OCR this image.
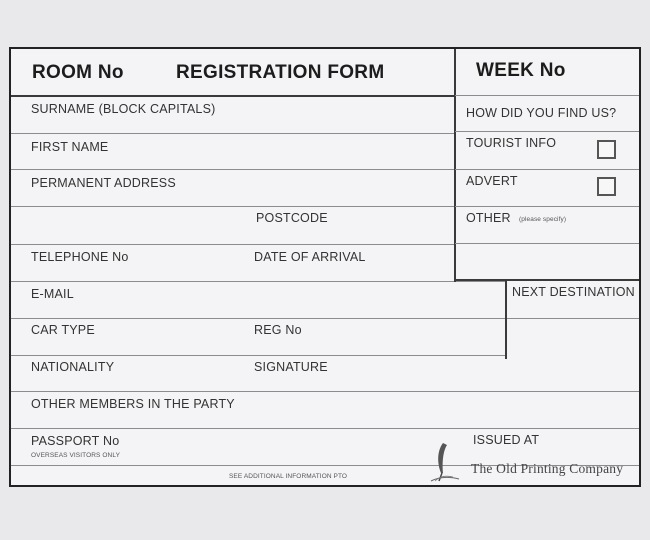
ROOM No	REGISTRATION FORM	WEEK No
SURNAME (BLOCK CAPITALS)
FIRST NAME
PERMANENT ADDRESS
POSTCODE
TELEPHONE No	DATE OF ARRIVAL
E-MAIL
CAR TYPE	REG No
NATIONALITY	SIGNATURE
OTHER MEMBERS IN THE PARTY
PASSPORT No
OVERSEAS VISITORS ONLY
ISSUED AT
SEE ADDITIONAL INFORMATION PTO
HOW DID YOU FIND US?
TOURIST INFO
ADVERT
OTHER (please specify)
NEXT DESTINATION
The Old Printing Company
